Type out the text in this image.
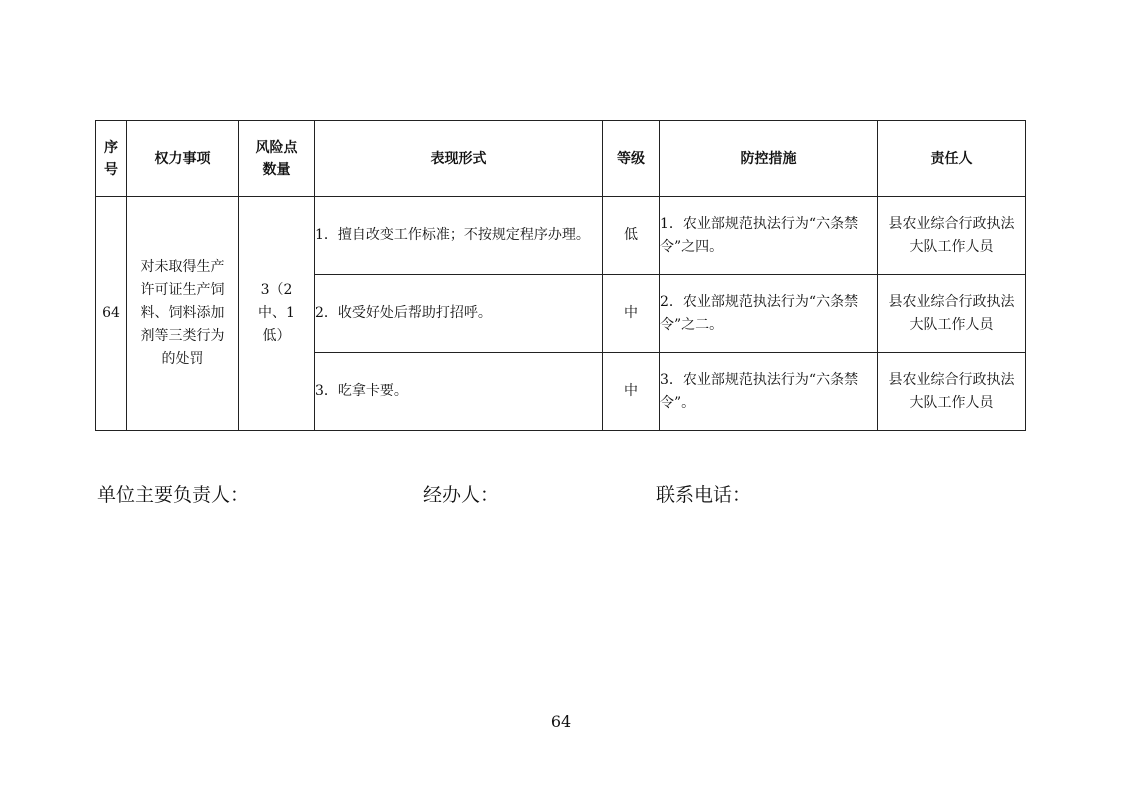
序号	权力事项	风险点数量	表现形式	等级	防控措施	责任人
64	对未取得生产许可证生产饲料、饲料添加剂等三类行为的处罚	3（2中、1低）	1．擅自改变工作标准；不按规定程序办理。	低	1．农业部规范执法行为“六条禁令”之四。	县农业综合行政执法大队工作人员

			2．收受好处后帮助打招呼。	中	2．农业部规范执法行为“六条禁令”之二。	县农业综合行政执法大队工作人员

			3．吃拿卡要。	中	3．农业部规范执法行为“六条禁令”。	县农业综合行政执法大队工作人员
单位主要负责人：	经办人：	联系电话：
64
